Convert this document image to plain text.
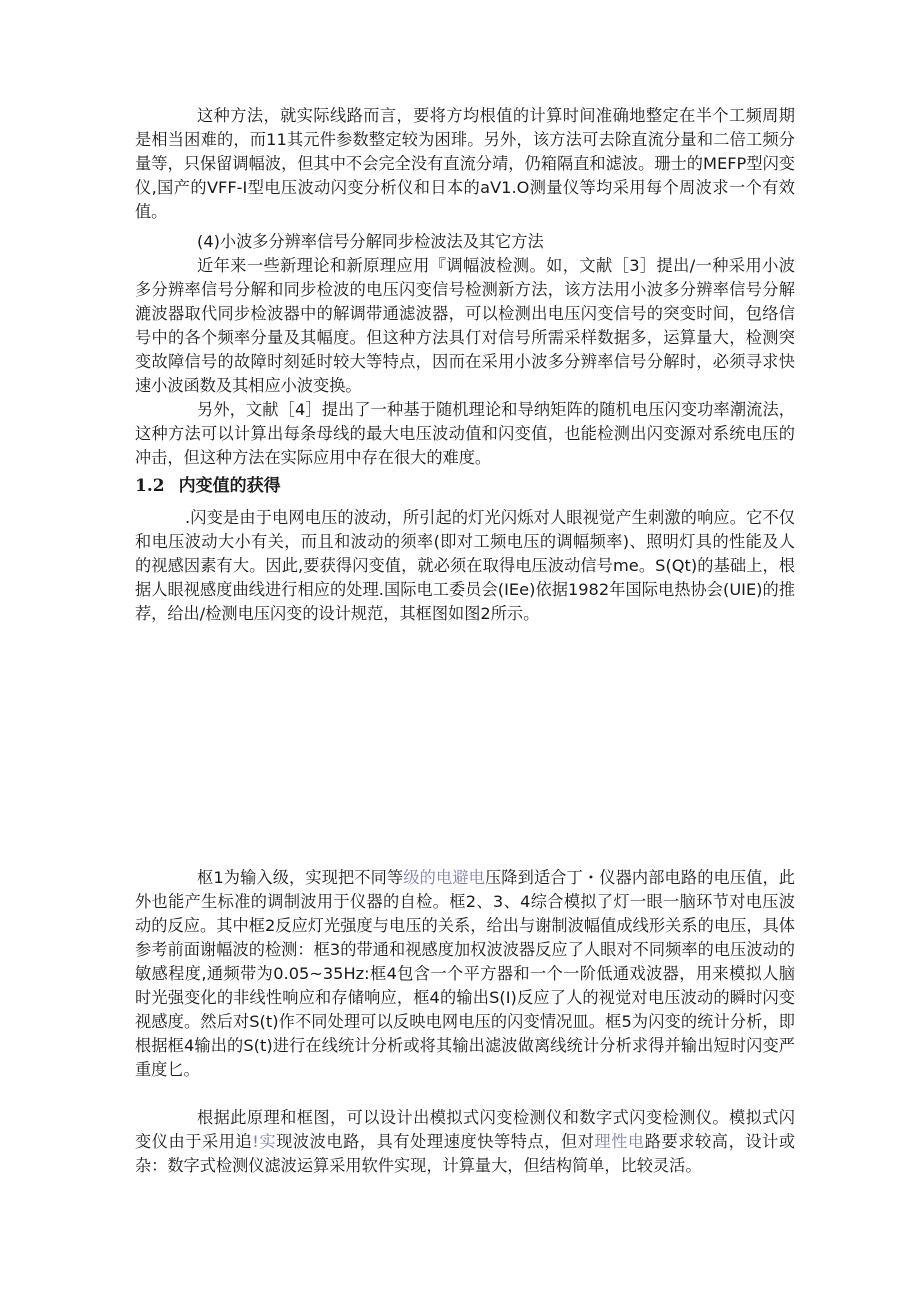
这种方法，就实际线路而言，要将方均根值的计算时间准确地整定在半个工频周期是相当困难的，而11其元件参数整定较为困琲。另外，该方法可去除直流分量和二倍工频分量等，只保留调幅波，但其中不会完全没有直流分靖，仍箱隔直和滤波。珊士的MEFP型闪变仪,国产的VFF-I型电压波动闪变分析仪和日本的aV1.O测量仪等均采用每个周波求一个有效值。

(4)小波多分辨率信号分解同步检波法及其它方法

近年来一些新理论和新原理应用『调幅波检测。如，文献［3］提出/一种采用小波多分辨率信号分解和同步检波的电压闪变信号检测新方法，该方法用小波多分辨率信号分解漉波器取代同步检波器中的解调带通滤波器，可以检测出电压闪变信号的突变时间，包络信号中的各个频率分量及其幅度。但这种方法具仃对信号所需采样数据多，运算量大，检测突变故障信号的故障时刻延时较大等特点，因而在采用小波多分辨率信号分解时，必须寻求快速小波函数及其相应小波变换。

另外，文献［4］提出了一种基于随机理论和导纳矩阵的随机电压闪变功率潮流法，这种方法可以计算出每条母线的最大电压波动值和闪变值，也能检测出闪变源对系统电压的冲击，但这种方法在实际应用中存在很大的难度。

1.2 内变值的获得

.闪变是由于电网电压的波动，所引起的灯光闪烁对人眼视觉产生刺激的响应。它不仅和电压波动大小有关，而且和波动的须率(即对工频电压的调幅频率)、照明灯具的性能及人的视感因素有大。因此,要获得闪变值，就必须在取得电压波动信号me。S(Qt)的基础上，根据人眼视感度曲线进行相应的处理.国际电工委员会(IEe)依据1982年国际电热协会(UIE)的推荐，给出/检测电压闪变的设计规范，其框图如图2所示。

枢1为输入级，实现把不同等级的电避电压降到适合丁・仪器内部电路的电压值，此外也能产生标准的调制波用于仪器的自检。框2、3、4综合模拟了灯一眼一脑环节对电压波动的反应。其中框2反应灯光强度与电压的关系，给出与谢制波幅值成线形关系的电压，具体参考前面谢幅波的检测：框3的带通和视感度加权波波器反应了人眼对不同频率的电压波动的敏感程度,通频带为0.05~35Hz:框4包含一个平方器和一个一阶低通戏波器，用来模拟人脑时光强变化的非线性响应和存储响应，框4的输出S(I)反应了人的视觉对电压波动的瞬时闪变视感度。然后对S(t)作不同处理可以反映电网电压的闪变情况皿。框5为闪变的统计分析，即根据框4输出的S(t)进行在线统计分析或将其输出滤波做离线统计分析求得并输出短时闪变严重度匕。

根据此原理和框图，可以设计出模拟式闪变检测仪和数字式闪变检测仪。模拟式闪变仪由于采用追!实现波波电路，具有处理速度快等特点，但对理性电路要求较高，设计或杂：数字式检测仪滤波运算采用软件实现，计算量大，但结构简单，比较灵活。
